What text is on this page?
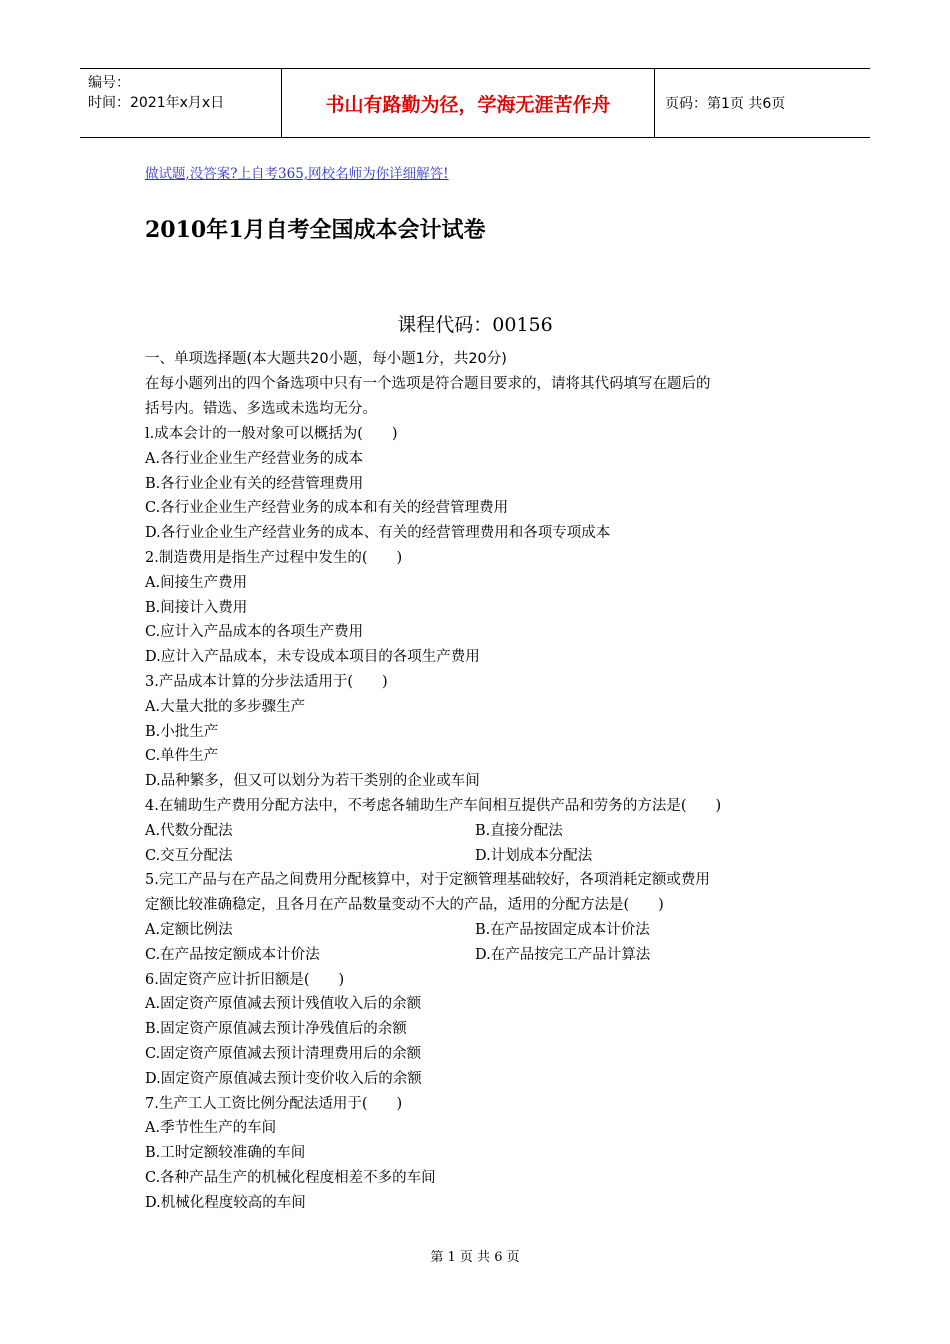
编号：
时间：2021年x月x日	书山有路勤为径，学海无涯苦作舟	页码：第1页 共6页
做试题,没答案?上自考365,网校名师为你详细解答!
2010年1月自考全国成本会计试卷
课程代码：00156
一、单项选择题(本大题共20小题，每小题1分，共20分)
在每小题列出的四个备选项中只有一个选项是符合题目要求的，请将其代码填写在题后的
括号内。错选、多选或未选均无分。
l.成本会计的一般对象可以概括为(　　)
A.各行业企业生产经营业务的成本
B.各行业企业有关的经营管理费用
C.各行业企业生产经营业务的成本和有关的经营管理费用
D.各行业企业生产经营业务的成本、有关的经营管理费用和各项专项成本
2.制造费用是指生产过程中发生的(　　)
A.间接生产费用
B.间接计入费用
C.应计入产品成本的各项生产费用
D.应计入产品成本，未专设成本项目的各项生产费用
3.产品成本计算的分步法适用于(　　)
A.大量大批的多步骤生产
B.小批生产
C.单件生产
D.品种繁多，但又可以划分为若干类别的企业或车间
4.在辅助生产费用分配方法中，不考虑各辅助生产车间相互提供产品和劳务的方法是(　　)
A.代数分配法	B.直接分配法
C.交互分配法	D.计划成本分配法
5.完工产品与在产品之间费用分配核算中，对于定额管理基础较好，各项消耗定额或费用
定额比较准确稳定，且各月在产品数量变动不大的产品，适用的分配方法是(　　)
A.定额比例法	B.在产品按固定成本计价法
C.在产品按定额成本计价法	D.在产品按完工产品计算法
6.固定资产应计折旧额是(　　)
A.固定资产原值减去预计残值收入后的余额
B.固定资产原值减去预计净残值后的余额
C.固定资产原值减去预计清理费用后的余额
D.固定资产原值减去预计变价收入后的余额
7.生产工人工资比例分配法适用于(　　)
A.季节性生产的车间
B.工时定额较准确的车间
C.各种产品生产的机械化程度相差不多的车间
D.机械化程度较高的车间
第 1 页 共 6 页
